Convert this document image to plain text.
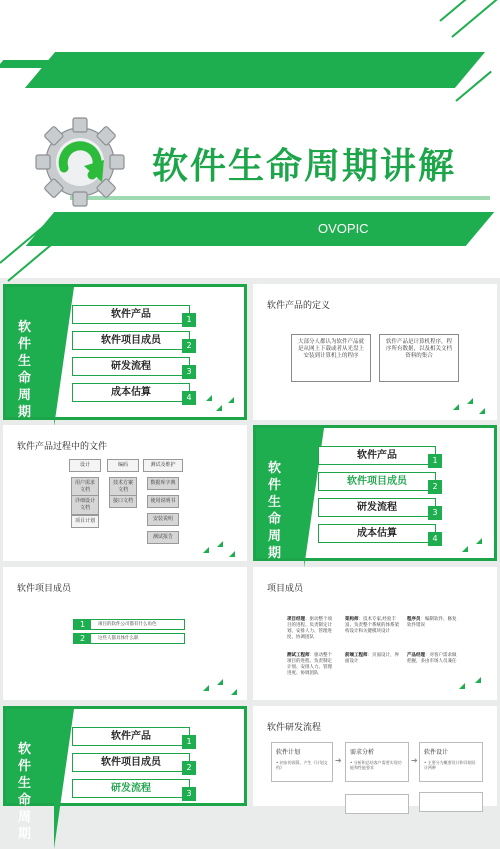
软件生命周期讲解
OVOPIC
软件生命周期
软件产品	1
软件项目成员	2
研发流程	3
成本估算	4
软件产品的定义
大部分人都认为软件产品就是从网上下载或者从光盘上安装到计算机上的程序
软件产品是计算机程序，程序所有数据，以及相关文档资料的集合
软件产品过程中的文件
设计	编码	测试及维护
用户需求文档
详细设计文档
项目计划
技术方案文档
接口文档
数据库字典
使用说明书
安装说明
测试报告
软件生命周期
软件产品	1
软件项目成员	2
研发流程	3
成本估算	4
软件项目成员
1	项目的软件公司都有什么角色
2	这些人都具体什么职
项目成员
项目经理：驱动整个项目的进程、负责制定计划、安排人力、管理进度、协调团队
架构师：技术专家,经验丰富、负责整个系统的体系架构设计和关键模块设计
程序员：编制软件、修复软件错误
测试工程师：驱动整个项目的进程、负责制定计划、安排人力、管理进度、协调团队
前端工程师：页面设计，界面设计
产品经理：对客户需求做把握，多由市场人员兼任
软件生命周期
软件产品	1
软件项目成员	2
研发流程	3
软件研发流程
软件计划
• 初步的预算、产生《计划文档》
➔
需求分析
• 分析和总结客户需要实现功能和性能要求
➔
软件设计
• 主要分为概要设计和详细设计两种
